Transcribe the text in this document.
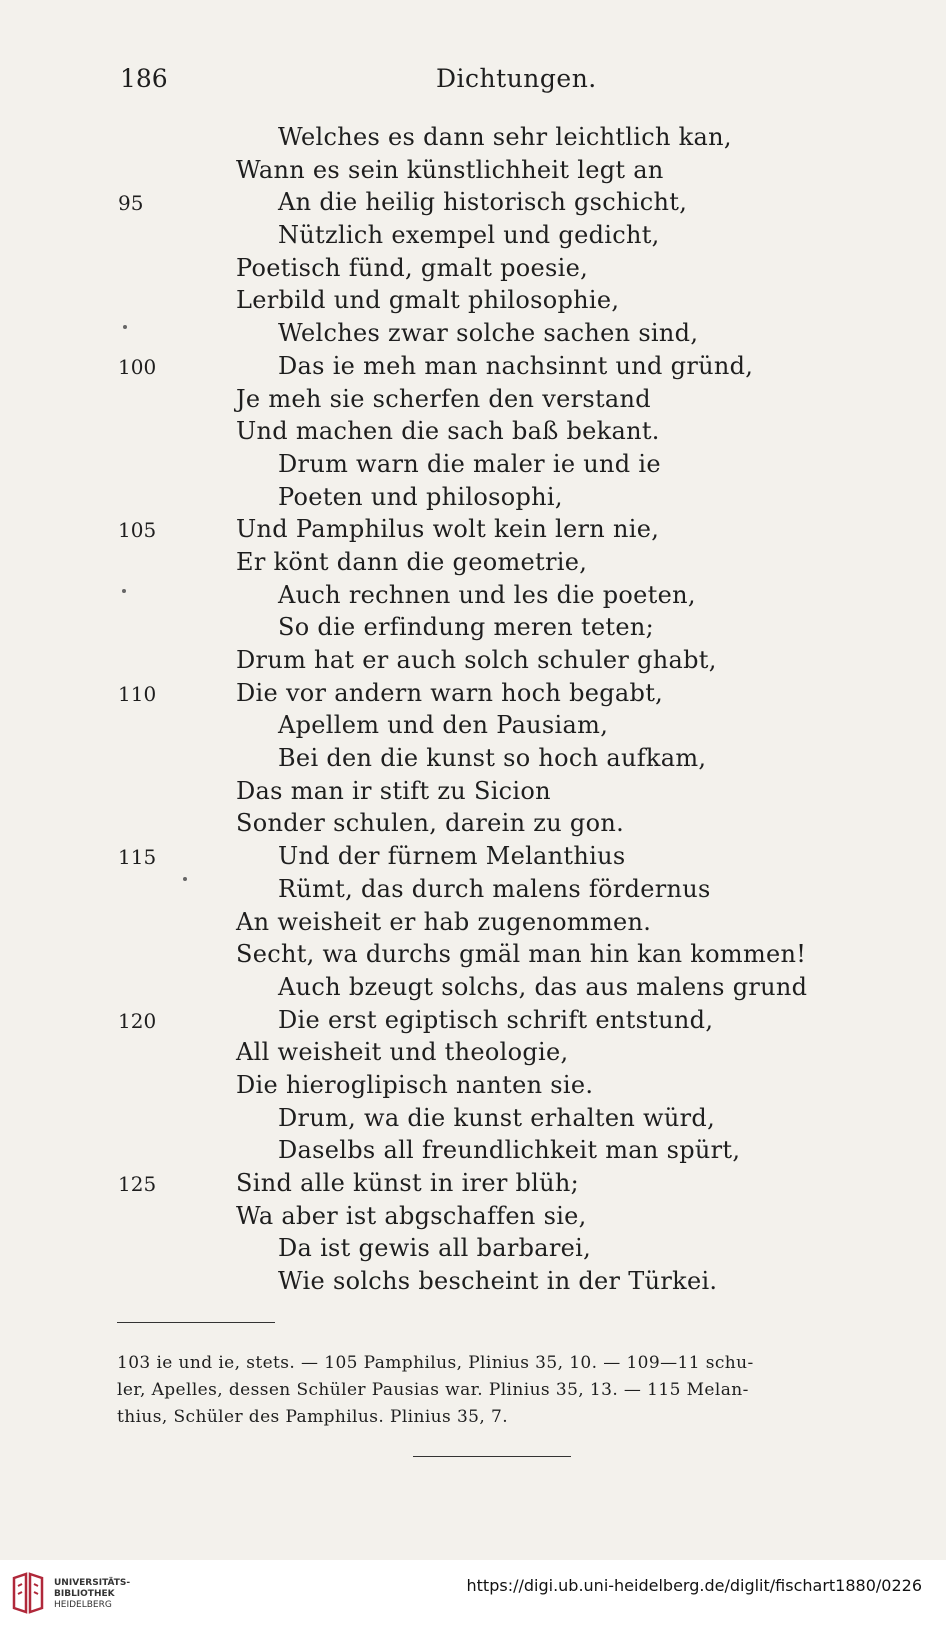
186	Dichtungen.
Welches es dann sehr leichtlich kan,
Wann es sein künstlichheit legt an
95	An die heilig historisch gschicht,
Nützlich exempel und gedicht,
Poetisch fünd, gmalt poesie,
Lerbild und gmalt philosophie,
Welches zwar solche sachen sind,
100	Das ie meh man nachsinnt und gründ,
Je meh sie scherfen den verstand
Und machen die sach baß bekant.
Drum warn die maler ie und ie
Poeten und philosophi,
105	Und Pamphilus wolt kein lern nie,
Er könt dann die geometrie,
Auch rechnen und les die poeten,
So die erfindung meren teten;
Drum hat er auch solch schuler ghabt,
110	Die vor andern warn hoch begabt,
Apellem und den Pausiam,
Bei den die kunst so hoch aufkam,
Das man ir stift zu Sicion
Sonder schulen, darein zu gon.
115	Und der fürnem Melanthius
Rümt, das durch malens fördernus
An weisheit er hab zugenommen.
Secht, wa durchs gmäl man hin kan kommen!
Auch bzeugt solchs, das aus malens grund
120	Die erst egiptisch schrift entstund,
All weisheit und theologie,
Die hieroglipisch nanten sie.
Drum, wa die kunst erhalten würd,
Daselbs all freundlichkeit man spürt,
125	Sind alle künst in irer blüh;
Wa aber ist abgschaffen sie,
Da ist gewis all barbarei,
Wie solchs bescheint in der Türkei.

103 ie und ie, stets. — 105 Pamphilus, Plinius 35, 10. — 109—11 schu-

ler, Apelles, dessen Schüler Pausias war. Plinius 35, 13. — 115 Melan-

thius, Schüler des Pamphilus. Plinius 35, 7.

UNIVERSITÄTS-
BIBLIOTHEK
HEIDELBERG
https://digi.ub.uni-heidelberg.de/diglit/fischart1880/0226
